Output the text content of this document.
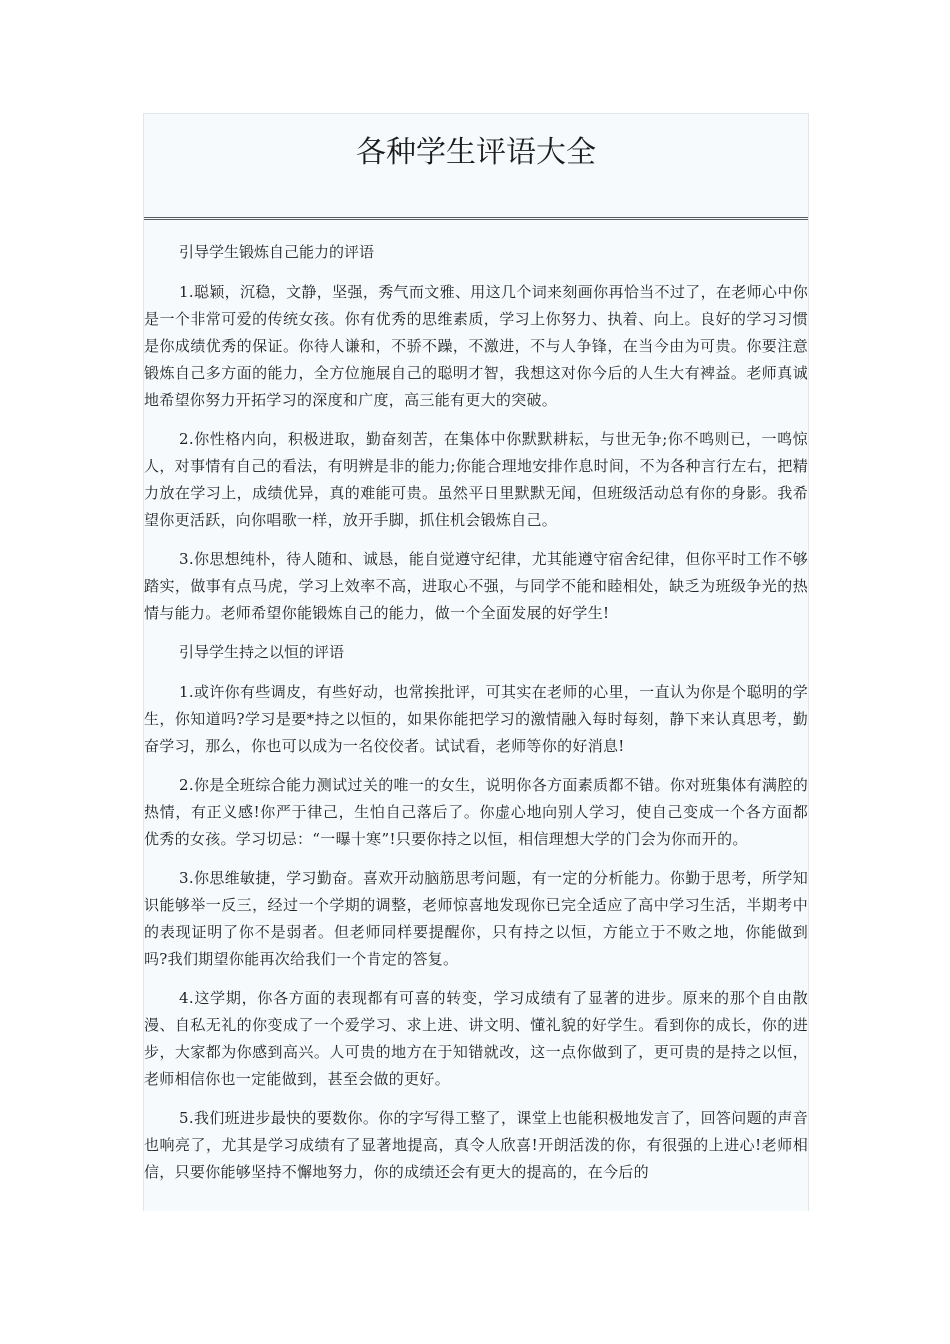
各种学生评语大全

引导学生锻炼自己能力的评语

1.聪颖，沉稳，文静，坚强，秀气而文雅、用这几个词来刻画你再恰当不过了，在老师心中你是一个非常可爱的传统女孩。你有优秀的思维素质，学习上你努力、执着、向上。良好的学习习惯是你成绩优秀的保证。你待人谦和，不骄不躁，不激进，不与人争锋，在当今由为可贵。你要注意锻炼自己多方面的能力，全方位施展自己的聪明才智，我想这对你今后的人生大有裨益。老师真诚地希望你努力开拓学习的深度和广度，高三能有更大的突破。

2.你性格内向，积极进取，勤奋刻苦，在集体中你默默耕耘，与世无争;你不鸣则已，一鸣惊人，对事情有自己的看法，有明辨是非的能力;你能合理地安排作息时间，不为各种言行左右，把精力放在学习上，成绩优异，真的难能可贵。虽然平日里默默无闻，但班级活动总有你的身影。我希望你更活跃，向你唱歌一样，放开手脚，抓住机会锻炼自己。

3.你思想纯朴，待人随和、诚恳，能自觉遵守纪律，尤其能遵守宿舍纪律，但你平时工作不够踏实，做事有点马虎，学习上效率不高，进取心不强，与同学不能和睦相处，缺乏为班级争光的热情与能力。老师希望你能锻炼自己的能力，做一个全面发展的好学生!

引导学生持之以恒的评语

1.或许你有些调皮，有些好动，也常挨批评，可其实在老师的心里，一直认为你是个聪明的学生，你知道吗?学习是要*持之以恒的，如果你能把学习的激情融入每时每刻，静下来认真思考，勤奋学习，那么，你也可以成为一名佼佼者。试试看，老师等你的好消息!

2.你是全班综合能力测试过关的唯一的女生，说明你各方面素质都不错。你对班集体有满腔的热情，有正义感!你严于律己，生怕自己落后了。你虚心地向别人学习，使自己变成一个各方面都优秀的女孩。学习切忌：“一曝十寒”!只要你持之以恒，相信理想大学的门会为你而开的。

3.你思维敏捷，学习勤奋。喜欢开动脑筋思考问题，有一定的分析能力。你勤于思考，所学知识能够举一反三，经过一个学期的调整，老师惊喜地发现你已完全适应了高中学习生活，半期考中的表现证明了你不是弱者。但老师同样要提醒你，只有持之以恒，方能立于不败之地，你能做到吗?我们期望你能再次给我们一个肯定的答复。

4.这学期，你各方面的表现都有可喜的转变，学习成绩有了显著的进步。原来的那个自由散漫、自私无礼的你变成了一个爱学习、求上进、讲文明、懂礼貌的好学生。看到你的成长，你的进步，大家都为你感到高兴。人可贵的地方在于知错就改，这一点你做到了，更可贵的是持之以恒，老师相信你也一定能做到，甚至会做的更好。

5.我们班进步最快的要数你。你的字写得工整了，课堂上也能积极地发言了，回答问题的声音也响亮了，尤其是学习成绩有了显著地提高，真令人欣喜!开朗活泼的你，有很强的上进心!老师相信，只要你能够坚持不懈地努力，你的成绩还会有更大的提高的，在今后的
